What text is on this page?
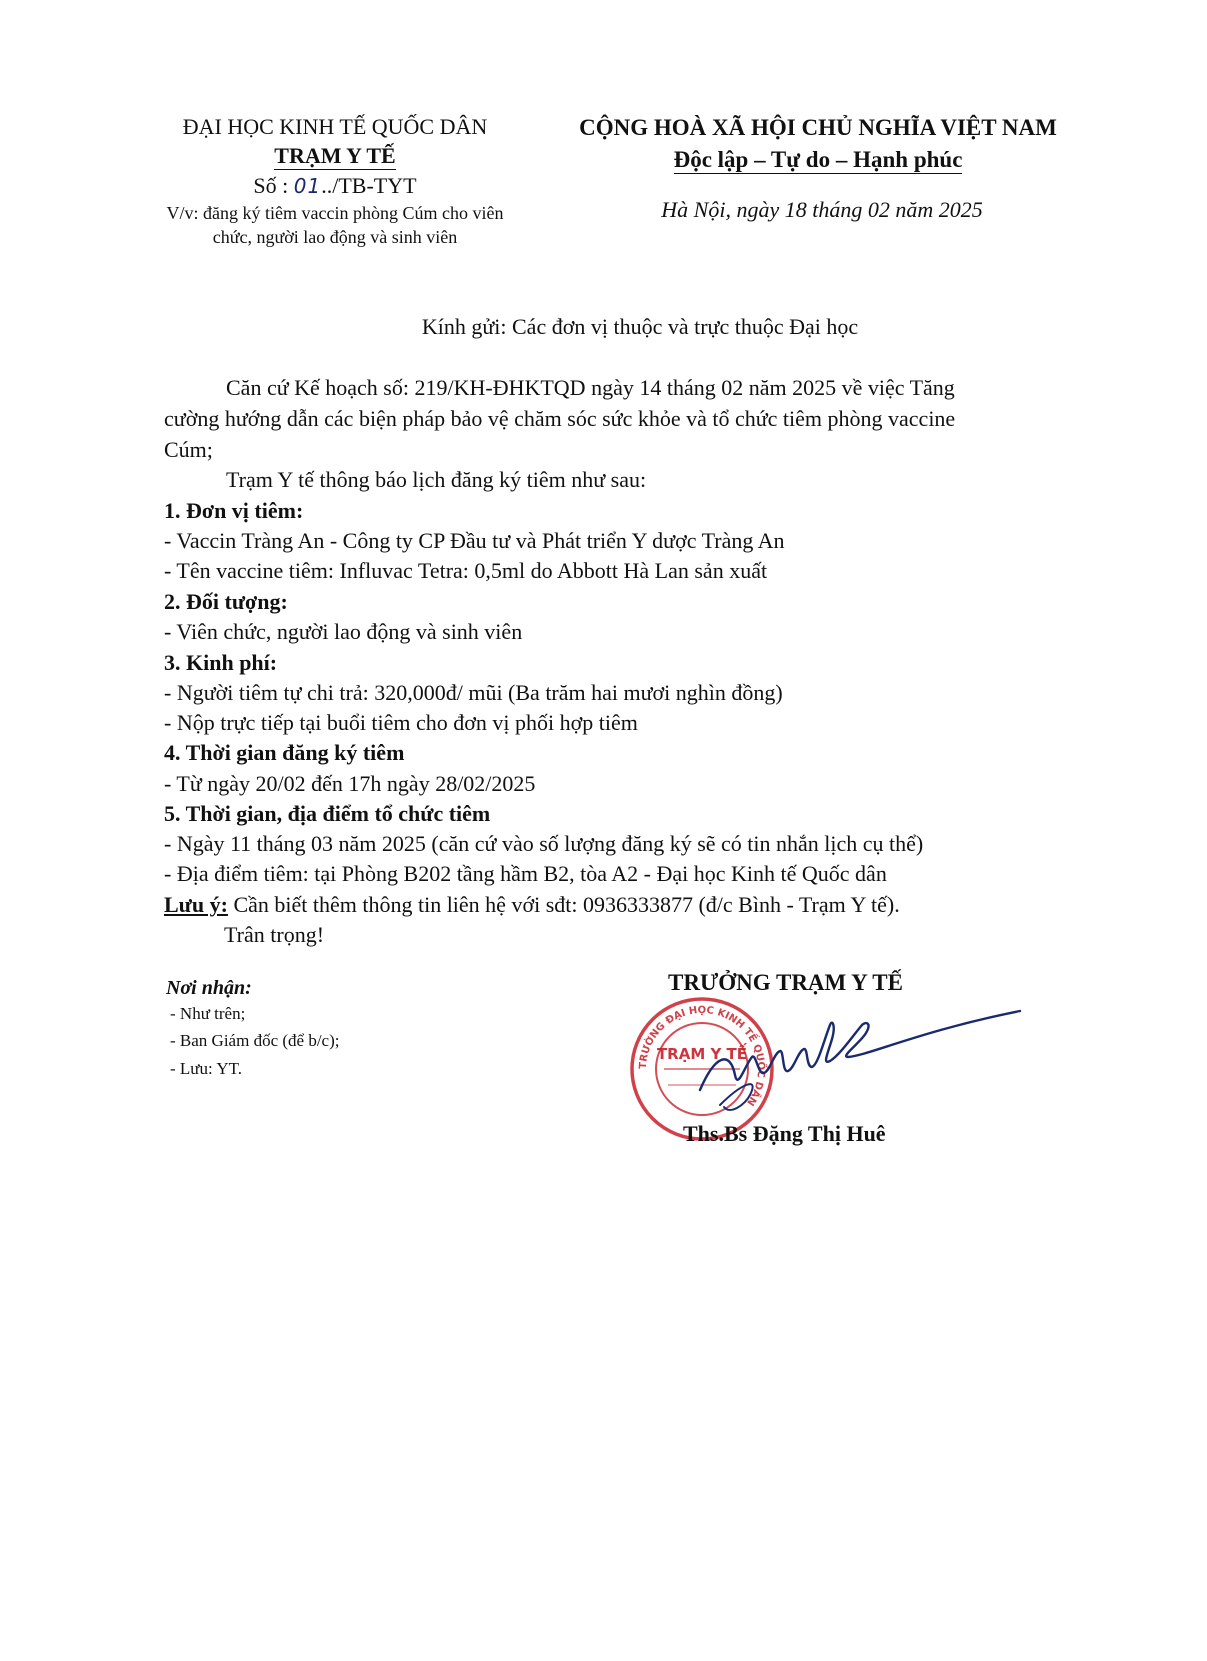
ĐẠI HỌC KINH TẾ QUỐC DÂN
TRẠM Y TẾ
Số : 01../TB-TYT
V/v: đăng ký tiêm vaccin phòng Cúm cho viên
chức, người lao động và sinh viên
CỘNG HOÀ XÃ HỘI CHỦ NGHĨA VIỆT NAM
Độc lập – Tự do – Hạnh phúc
Hà Nội, ngày 18 tháng 02 năm 2025
Kính gửi: Các đơn vị thuộc và trực thuộc Đại học
Căn cứ Kế hoạch số: 219/KH-ĐHKTQD ngày 14 tháng 02 năm 2025 về việc Tăng
cường hướng dẫn các biện pháp bảo vệ chăm sóc sức khỏe và tổ chức tiêm phòng vaccine
Cúm;
Trạm Y tế thông báo lịch đăng ký tiêm như sau:
1. Đơn vị tiêm:
- Vaccin Tràng An - Công ty CP Đầu tư và Phát triển Y dược Tràng An
- Tên vaccine tiêm: Influvac Tetra: 0,5ml do Abbott Hà Lan sản xuất
2. Đối tượng:
- Viên chức, người lao động và sinh viên
3. Kinh phí:
- Người tiêm tự chi trả: 320,000đ/ mũi (Ba trăm hai mươi nghìn đồng)
- Nộp trực tiếp tại buổi tiêm cho đơn vị phối hợp tiêm
4. Thời gian đăng ký tiêm
- Từ ngày 20/02 đến 17h ngày 28/02/2025
5. Thời gian, địa điểm tổ chức tiêm
- Ngày 11 tháng 03 năm 2025 (căn cứ vào số lượng đăng ký sẽ có tin nhắn lịch cụ thể)
- Địa điểm tiêm: tại Phòng B202 tầng hầm B2, tòa A2 - Đại học Kinh tế Quốc dân
Lưu ý: Cần biết thêm thông tin liên hệ với sđt: 0936333877 (đ/c Bình - Trạm Y tế).
Trân trọng!
Nơi nhận:
- Như trên;
- Ban Giám đốc (để b/c);
- Lưu: YT.
TRƯỞNG TRẠM Y TẾ
TRƯỜNG ĐẠI HỌC KINH TẾ QUỐC DÂN
TRẠM Y TẾ
Ths.Bs Đặng Thị Huê
